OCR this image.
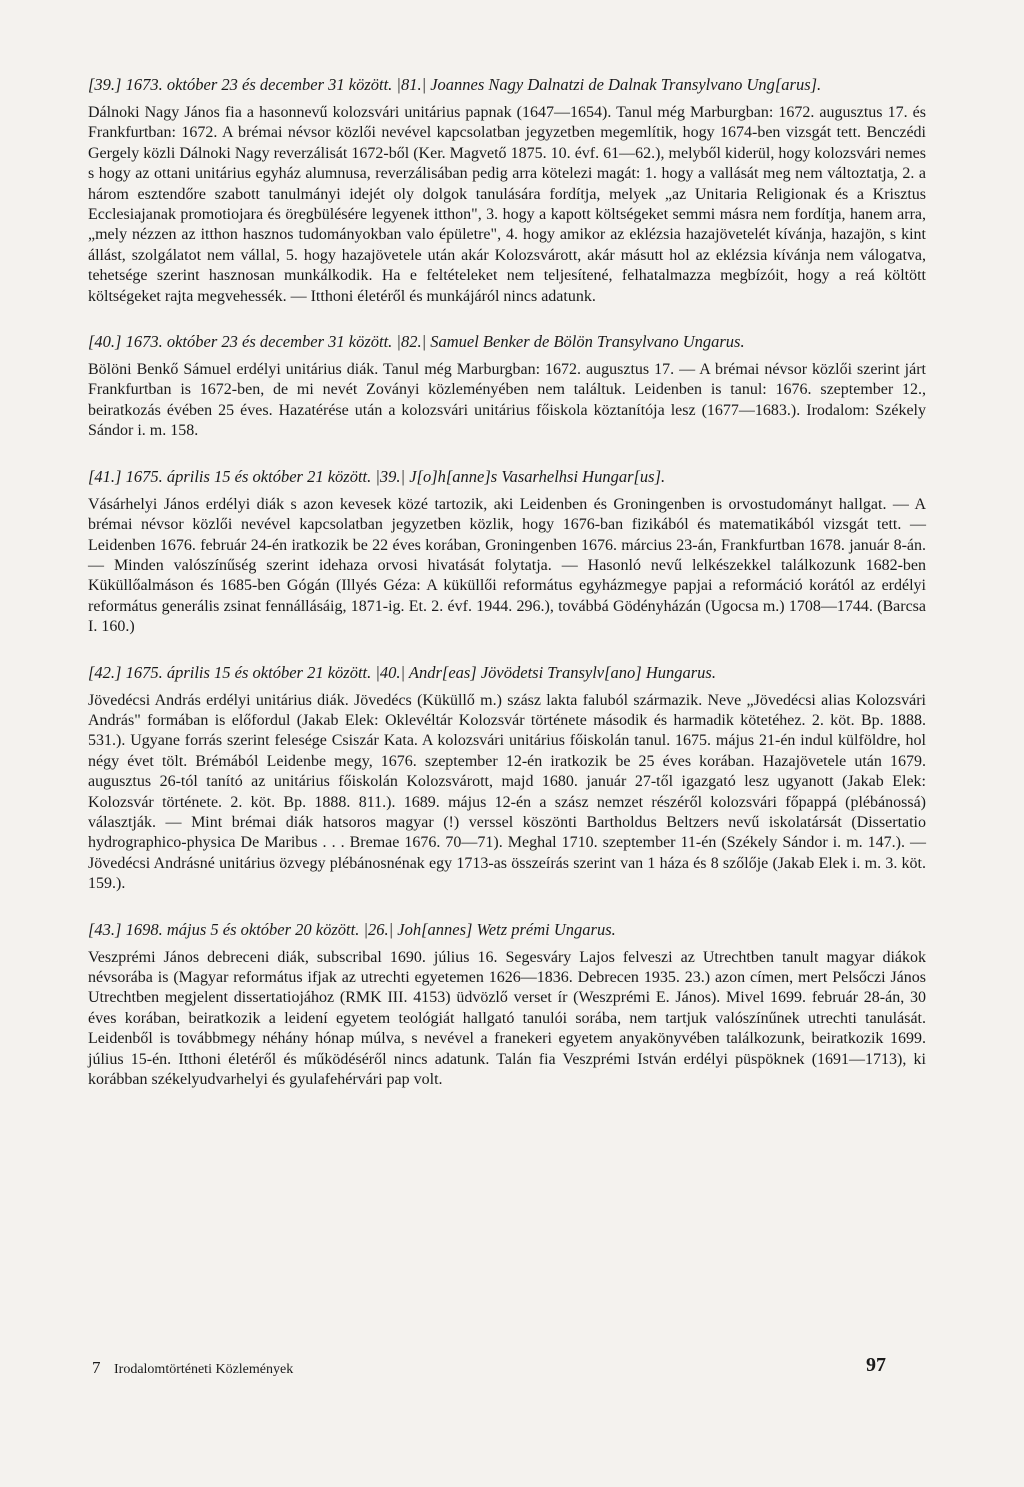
[39.] 1673. október 23 és december 31 között. |81.| Joannes Nagy Dalnatzi de Dalnak Transylvano Ung[arus].
Dálnoki Nagy János fia a hasonnevű kolozsvári unitárius papnak (1647—1654). Tanul még Marburgban: 1672. augusztus 17. és Frankfurtban: 1672. A brémai névsor közlői nevével kapcsolatban jegyzetben megemlítik, hogy 1674-ben vizsgát tett. Benczédi Gergely közli Dálnoki Nagy reverzálisát 1672-ből (Ker. Magvető 1875. 10. évf. 61—62.), melyből kiderül, hogy kolozsvári nemes s hogy az ottani unitárius egyház alumnusa, reverzálisában pedig arra kötelezi magát: 1. hogy a vallását meg nem változtatja, 2. a három esztendőre szabott tanulmányi idejét oly dolgok tanulására fordítja, melyek „az Unitaria Religionak és a Krisztus Ecclesiajanak promotiojara és öregbülésére legyenek itthon", 3. hogy a kapott költségeket semmi másra nem fordítja, hanem arra, „mely nézzen az itthon hasznos tudományokban valo épületre", 4. hogy amikor az eklézsia hazajövetelét kívánja, hazajön, s kint állást, szolgálatot nem vállal, 5. hogy hazajövetele után akár Kolozsvárott, akár másutt hol az eklézsia kívánja nem válogatva, tehetsége szerint hasznosan munkálkodik. Ha e feltételeket nem teljesítené, felhatalmazza megbízóit, hogy a reá költött költségeket rajta megvehessék. — Itthoni életéről és munkájáról nincs adatunk.
[40.] 1673. október 23 és december 31 között. |82.| Samuel Benker de Bölön Transylvano Ungarus.
Bölöni Benkő Sámuel erdélyi unitárius diák. Tanul még Marburgban: 1672. augusztus 17. — A brémai névsor közlői szerint járt Frankfurtban is 1672-ben, de mi nevét Zoványi közleményében nem találtuk. Leidenben is tanul: 1676. szeptember 12., beiratkozás évében 25 éves. Hazatérése után a kolozsvári unitárius főiskola köztanítója lesz (1677—1683.). Irodalom: Székely Sándor i. m. 158.
[41.] 1675. április 15 és október 21 között. |39.| J[o]h[anne]s Vasarhelhsi Hungar[us].
Vásárhelyi János erdélyi diák s azon kevesek közé tartozik, aki Leidenben és Groningenben is orvostudományt hallgat. — A brémai névsor közlői nevével kapcsolatban jegyzetben közlik, hogy 1676-ban fizikából és matematikából vizsgát tett. — Leidenben 1676. február 24-én iratkozik be 22 éves korában, Groningenben 1676. március 23-án, Frankfurtban 1678. január 8-án. — Minden valószínűség szerint idehaza orvosi hivatását folytatja. — Hasonló nevű lelkészekkel találkozunk 1682-ben Küküllőalmáson és 1685-ben Gógán (Illyés Géza: A küküllői református egyházmegye papjai a reformáció korától az erdélyi református generális zsinat fennállásáig, 1871-ig. Et. 2. évf. 1944. 296.), továbbá Gödényházán (Ugocsa m.) 1708—1744. (Barcsa I. 160.)
[42.] 1675. április 15 és október 21 között. |40.| Andr[eas] Jövödetsi Transylv[ano] Hungarus.
Jövedécsi András erdélyi unitárius diák. Jövedécs (Küküllő m.) szász lakta faluból származik. Neve „Jövedécsi alias Kolozsvári András" formában is előfordul (Jakab Elek: Oklevéltár Kolozsvár története második és harmadik kötetéhez. 2. köt. Bp. 1888. 531.). Ugyane forrás szerint felesége Csiszár Kata. A kolozsvári unitárius főiskolán tanul. 1675. május 21-én indul külföldre, hol négy évet tölt. Brémából Leidenbe megy, 1676. szeptember 12-én iratkozik be 25 éves korában. Hazajövetele után 1679. augusztus 26-tól tanító az unitárius főiskolán Kolozsvárott, majd 1680. január 27-től igazgató lesz ugyanott (Jakab Elek: Kolozsvár története. 2. köt. Bp. 1888. 811.). 1689. május 12-én a szász nemzet részéről kolozsvári főpappá (plébánossá) választják. — Mint brémai diák hatsoros magyar (!) verssel köszönti Bartholdus Beltzers nevű iskolatársát (Dissertatio hydrographico-physica De Maribus . . . Bremae 1676. 70—71). Meghal 1710. szeptember 11-én (Székely Sándor i. m. 147.). — Jövedécsi Andrásné unitárius özvegy plébánosnénak egy 1713-as összeírás szerint van 1 háza és 8 szőlője (Jakab Elek i. m. 3. köt. 159.).
[43.] 1698. május 5 és október 20 között. |26.| Joh[annes] Wetz prémi Ungarus.
Veszprémi János debreceni diák, subscribal 1690. július 16. Segesváry Lajos felveszi az Utrechtben tanult magyar diákok névsorába is (Magyar református ifjak az utrechti egyetemen 1626—1836. Debrecen 1935. 23.) azon címen, mert Pelsőczi János Utrechtben megjelent dissertatiojához (RMK III. 4153) üdvözlő verset ír (Weszprémi E. János). Mivel 1699. február 28-án, 30 éves korában, beiratkozik a leidení egyetem teológiát hallgató tanulói sorába, nem tartjuk valószínűnek utrechti tanulását. Leidenből is továbbmegy néhány hónap múlva, s nevével a franekeri egyetem anyakönyvében találkozunk, beiratkozik 1699. július 15-én. Itthoni életéről és működéséről nincs adatunk. Talán fia Veszprémi István erdélyi püspöknek (1691—1713), ki korábban székelyudvarhelyi és gyulafehérvári pap volt.
7 Irodalomtörténeti Közlemények	97
